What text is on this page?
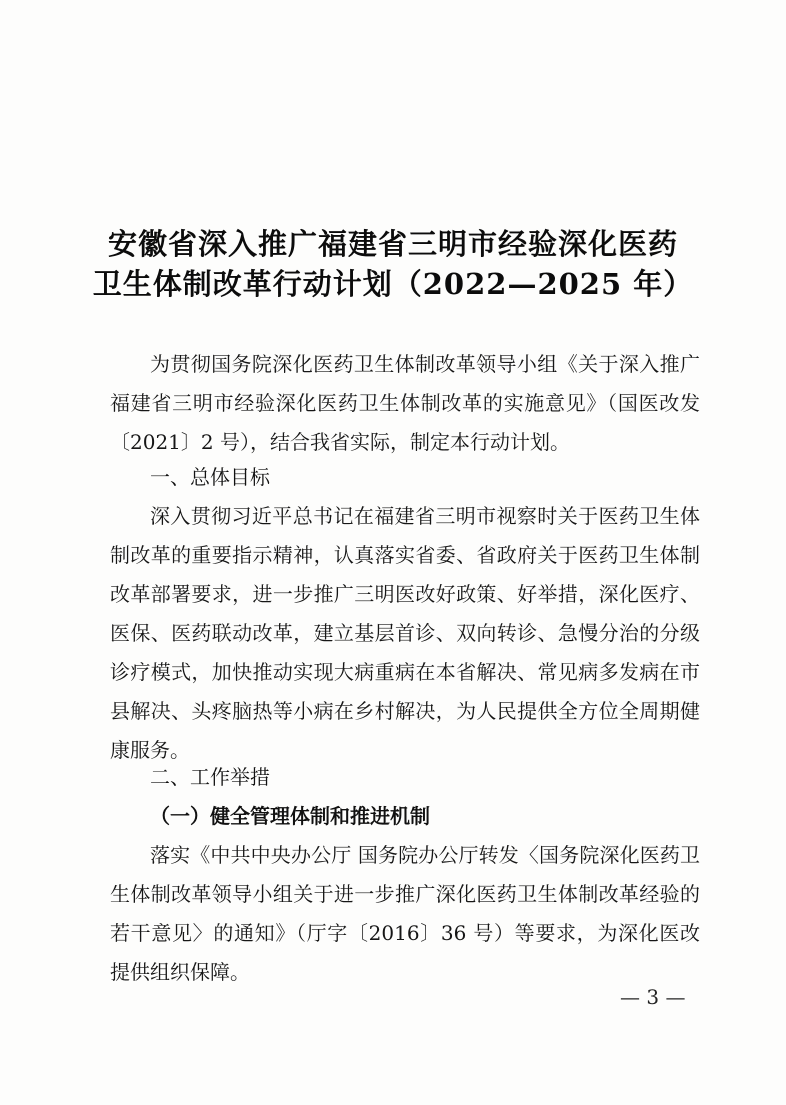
安徽省深入推广福建省三明市经验深化医药
卫生体制改革行动计划（2022—2025 年）

为贯彻国务院深化医药卫生体制改革领导小组《关于深入推广福建省三明市经验深化医药卫生体制改革的实施意见》（国医改发〔2021〕2 号），结合我省实际，制定本行动计划。

一、总体目标

深入贯彻习近平总书记在福建省三明市视察时关于医药卫生体制改革的重要指示精神，认真落实省委、省政府关于医药卫生体制改革部署要求，进一步推广三明医改好政策、好举措，深化医疗、医保、医药联动改革，建立基层首诊、双向转诊、急慢分治的分级诊疗模式，加快推动实现大病重病在本省解决、常见病多发病在市县解决、头疼脑热等小病在乡村解决，为人民提供全方位全周期健康服务。

二、工作举措

（一）健全管理体制和推进机制

落实《中共中央办公厅 国务院办公厅转发〈国务院深化医药卫生体制改革领导小组关于进一步推广深化医药卫生体制改革经验的若干意见〉的通知》（厅字〔2016〕36 号）等要求，为深化医改提供组织保障。

— 3 —
